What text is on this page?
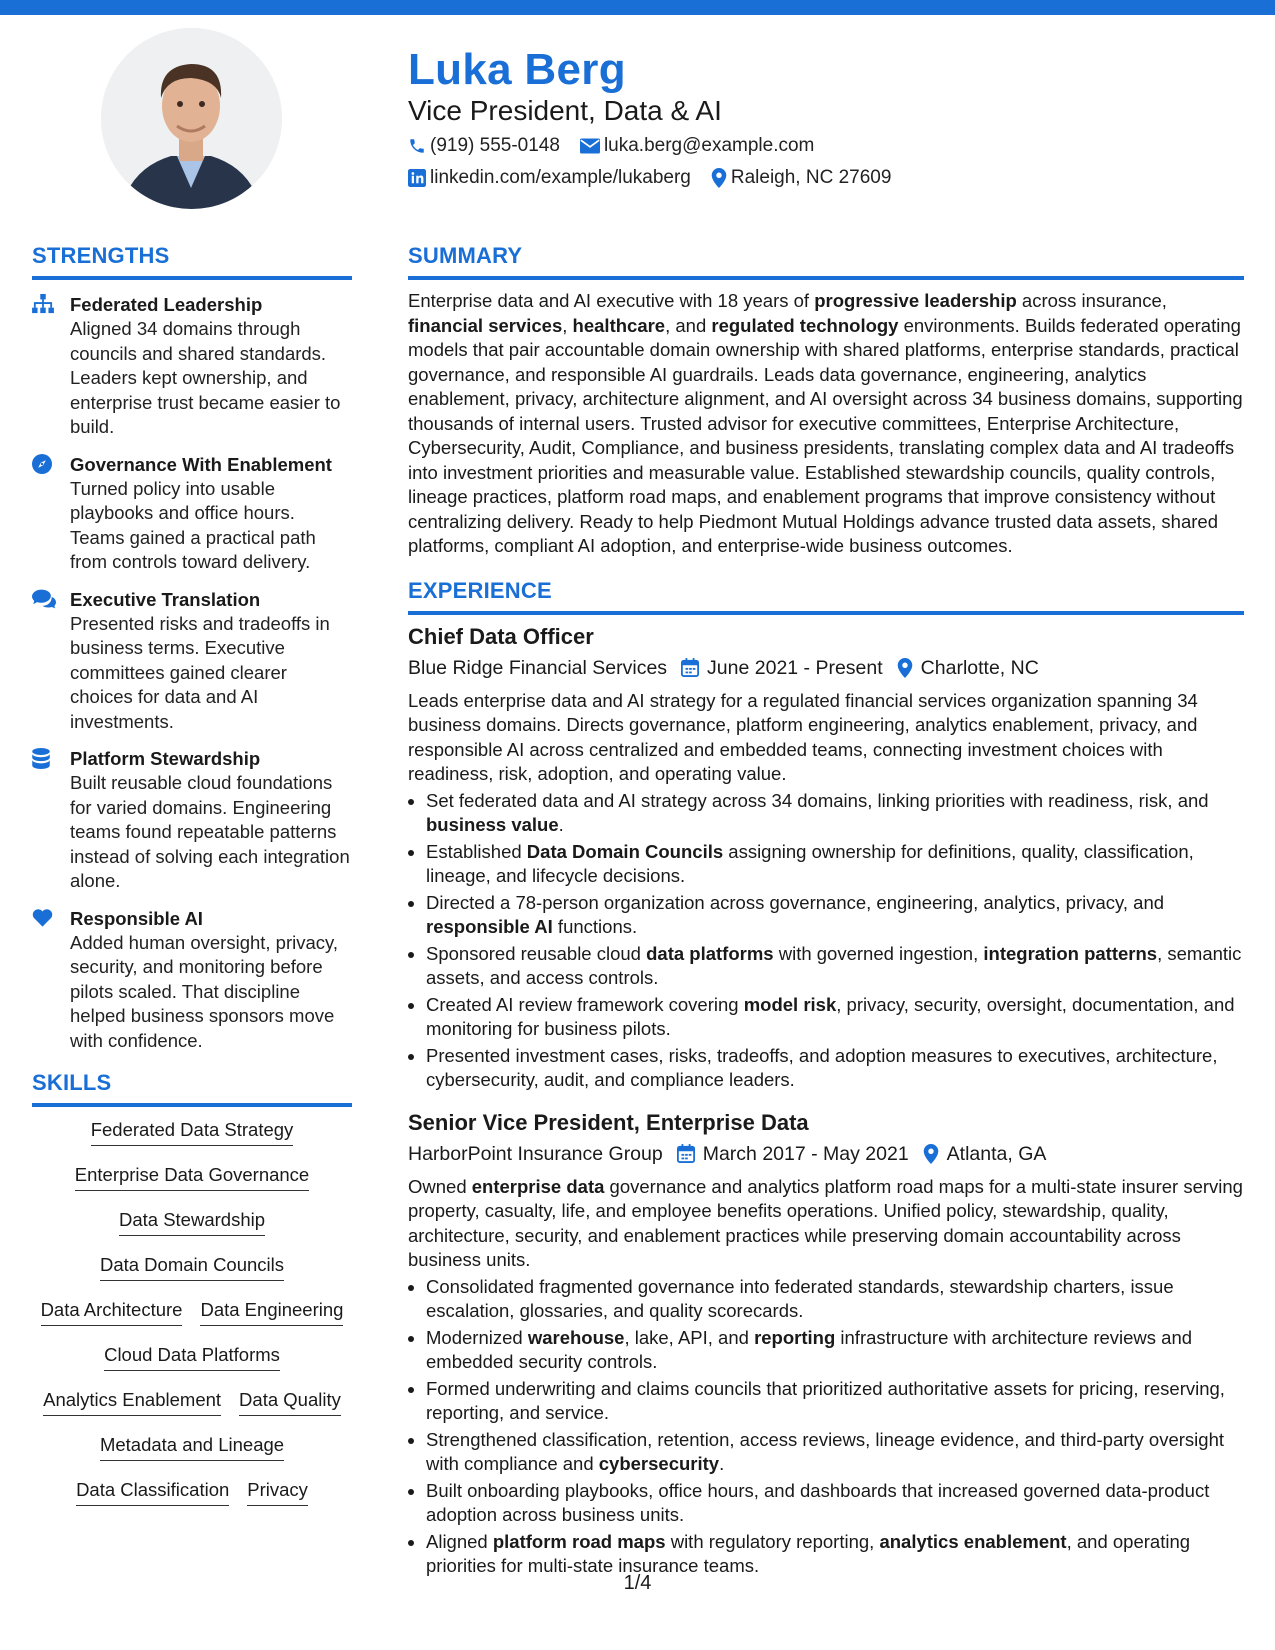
Luka Berg
Vice President, Data & AI
(919) 555-0148 luka.berg@example.com
linkedin.com/example/lukaberg Raleigh, NC 27609
STRENGTHS
Federated Leadership
Aligned 34 domains through councils and shared standards. Leaders kept ownership, and enterprise trust became easier to build.
Governance With Enablement
Turned policy into usable playbooks and office hours. Teams gained a practical path from controls toward delivery.
Executive Translation
Presented risks and tradeoffs in business terms. Executive committees gained clearer choices for data and AI investments.
Platform Stewardship
Built reusable cloud foundations for varied domains. Engineering teams found repeatable patterns instead of solving each integration alone.
Responsible AI
Added human oversight, privacy, security, and monitoring before pilots scaled. That discipline helped business sponsors move with confidence.
SKILLS
Federated Data Strategy
Enterprise Data Governance
Data Stewardship
Data Domain Councils
Data Architecture Data Engineering
Cloud Data Platforms
Analytics Enablement Data Quality
Metadata and Lineage
Data Classification Privacy
SUMMARY
Enterprise data and AI executive with 18 years of progressive leadership across insurance, financial services, healthcare, and regulated technology environments. Builds federated operating models that pair accountable domain ownership with shared platforms, enterprise standards, practical governance, and responsible AI guardrails. Leads data governance, engineering, analytics enablement, privacy, architecture alignment, and AI oversight across 34 business domains, supporting thousands of internal users. Trusted advisor for executive committees, Enterprise Architecture, Cybersecurity, Audit, Compliance, and business presidents, translating complex data and AI tradeoffs into investment priorities and measurable value. Established stewardship councils, quality controls, lineage practices, platform road maps, and enablement programs that improve consistency without centralizing delivery. Ready to help Piedmont Mutual Holdings advance trusted data assets, shared platforms, compliant AI adoption, and enterprise-wide business outcomes.
EXPERIENCE
Chief Data Officer
Blue Ridge Financial Services June 2021 - Present Charlotte, NC
Leads enterprise data and AI strategy for a regulated financial services organization spanning 34 business domains. Directs governance, platform engineering, analytics enablement, privacy, and responsible AI across centralized and embedded teams, connecting investment choices with readiness, risk, adoption, and operating value.
• Set federated data and AI strategy across 34 domains, linking priorities with readiness, risk, and business value.
• Established Data Domain Councils assigning ownership for definitions, quality, classification, lineage, and lifecycle decisions.
• Directed a 78-person organization across governance, engineering, analytics, privacy, and responsible AI functions.
• Sponsored reusable cloud data platforms with governed ingestion, integration patterns, semantic assets, and access controls.
• Created AI review framework covering model risk, privacy, security, oversight, documentation, and monitoring for business pilots.
• Presented investment cases, risks, tradeoffs, and adoption measures to executives, architecture, cybersecurity, audit, and compliance leaders.
Senior Vice President, Enterprise Data
HarborPoint Insurance Group March 2017 - May 2021 Atlanta, GA
Owned enterprise data governance and analytics platform road maps for a multi-state insurer serving property, casualty, life, and employee benefits operations. Unified policy, stewardship, quality, architecture, security, and enablement practices while preserving domain accountability across business units.
• Consolidated fragmented governance into federated standards, stewardship charters, issue escalation, glossaries, and quality scorecards.
• Modernized warehouse, lake, API, and reporting infrastructure with architecture reviews and embedded security controls.
• Formed underwriting and claims councils that prioritized authoritative assets for pricing, reserving, reporting, and service.
• Strengthened classification, retention, access reviews, lineage evidence, and third-party oversight with compliance and cybersecurity.
• Built onboarding playbooks, office hours, and dashboards that increased governed data-product adoption across business units.
• Aligned platform road maps with regulatory reporting, analytics enablement, and operating priorities for multi-state insurance teams.
1/4
